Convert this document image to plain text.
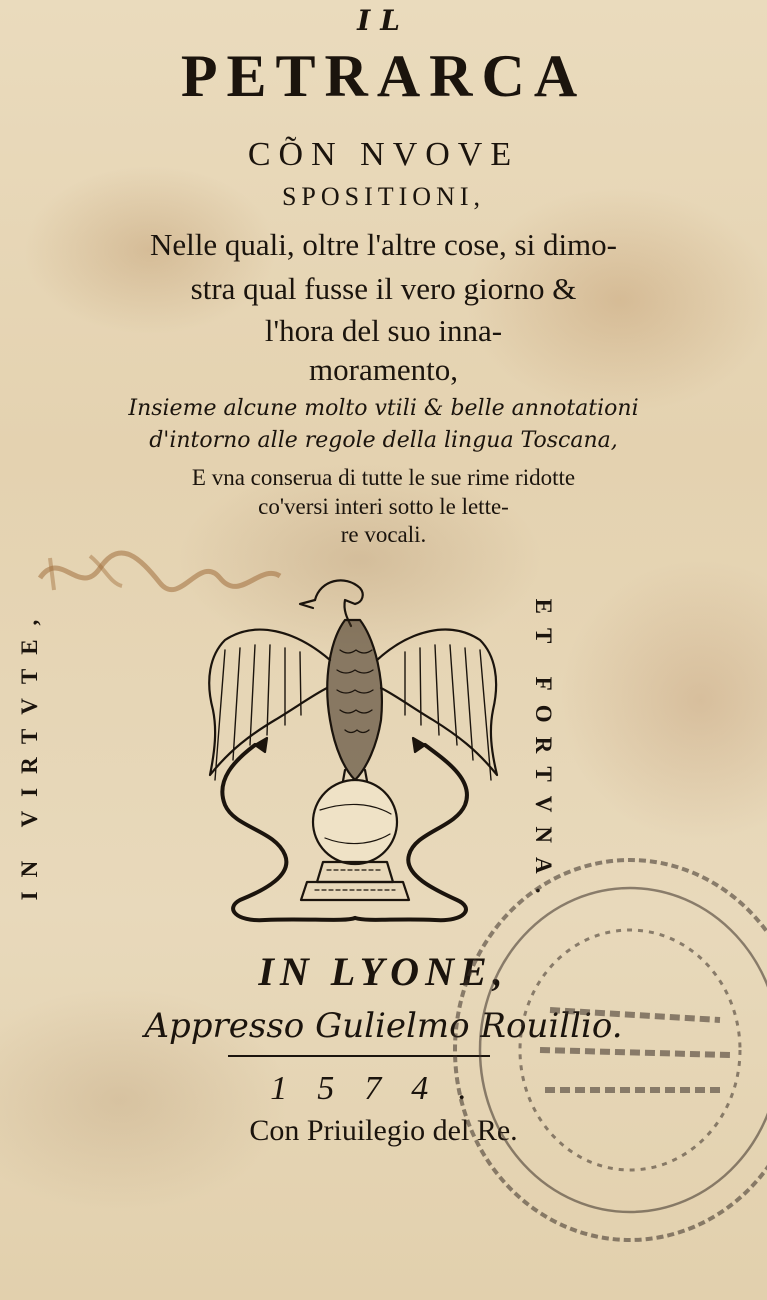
IL

PETRARCA

CÕN NVOVE

SPOSITIONI,

Nelle quali, oltre l'altre cose, si dimo-

stra qual fusse il vero giorno &

l'hora del suo inna-

moramento,

Insieme alcune molto vtili & belle annotationi

d'intorno alle regole della lingua Toscana,

E vna conserua di tutte le sue rime ridotte

co'versi interi sotto le lette-

re vocali.

IN VIRTVTE,	ET FORTVNA.

IN LYONE,

Appresso Gulielmo Rouillio.

1574.

Con Priuilegio del Re.
